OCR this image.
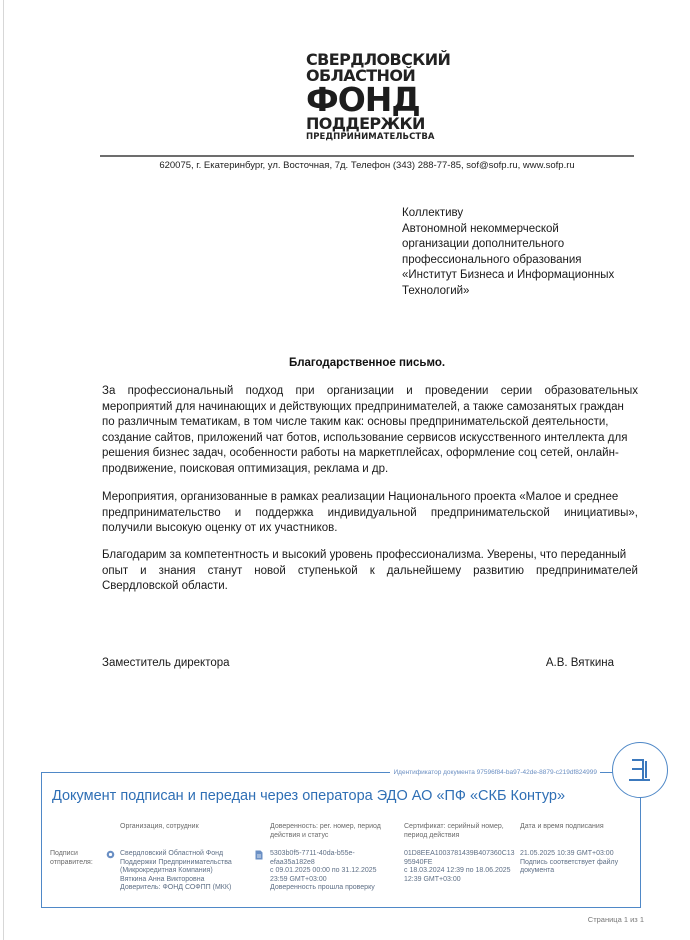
СВЕРДЛОВСКИЙ
ОБЛАСТНОЙ
ФОНД
ПОДДЕРЖКИ
ПРЕДПРИНИМАТЕЛЬСТВА
620075, г. Екатеринбург, ул. Восточная, 7д. Телефон (343) 288-77-85, sof@sofp.ru, www.sofp.ru
Коллективу
Автономной некоммерческой
организации дополнительного
профессионального образования
«Институт Бизнеса и Информационных
Технологий»
Благодарственное письмо.
За профессиональный подход при организации и проведении серии образовательных
мероприятий для начинающих и действующих предпринимателей, а также самозанятых граждан
по различным тематикам, в том числе таким как: основы предпринимательской деятельности,
создание сайтов, приложений чат ботов, использование сервисов искусственного интеллекта для
решения бизнес задач, особенности работы на маркетплейсах, оформление соц сетей, онлайн-
продвижение, поисковая оптимизация, реклама и др.
Мероприятия, организованные в рамках реализации Национального проекта «Малое и среднее
предпринимательство и поддержка индивидуальной предпринимательской инициативы»,
получили высокую оценку от их участников.
Благодарим за компетентность и высокий уровень профессионализма. Уверены, что переданный
опыт и знания станут новой ступенькой к дальнейшему развитию предпринимателей
Свердловской области.
Заместитель директора	А.В. Вяткина
Идентификатор документа 97596f84-ba97-42de-8879-c219df824999
Документ подписан и передан через оператора ЭДО АО «ПФ «СКБ Контур»
Организация, сотрудник	Доверенность: рег. номер, период
действия и статус
Сертификат: серийный номер,
период действия
Дата и время подписания
Подписи
отправителя:
Свердловский Областной Фонд
Поддержки Предпринимательства
(Микрокредитная Компания)
Вяткина Анна Викторовна
Доверитель: ФОНД СОФПП (МКК)
5303b0f5-7711-40da-b55e-
efaa35a182e8
с 09.01.2025 00:00 по 31.12.2025
23:59 GMT+03:00
Доверенность прошла проверку
01D8EEA1003781439B407360C13
95940FE
с 18.03.2024 12:39 по 18.06.2025
12:39 GMT+03:00
21.05.2025 10:39 GMT+03:00
Подпись соответствует файлу
документа
Страница 1 из 1
